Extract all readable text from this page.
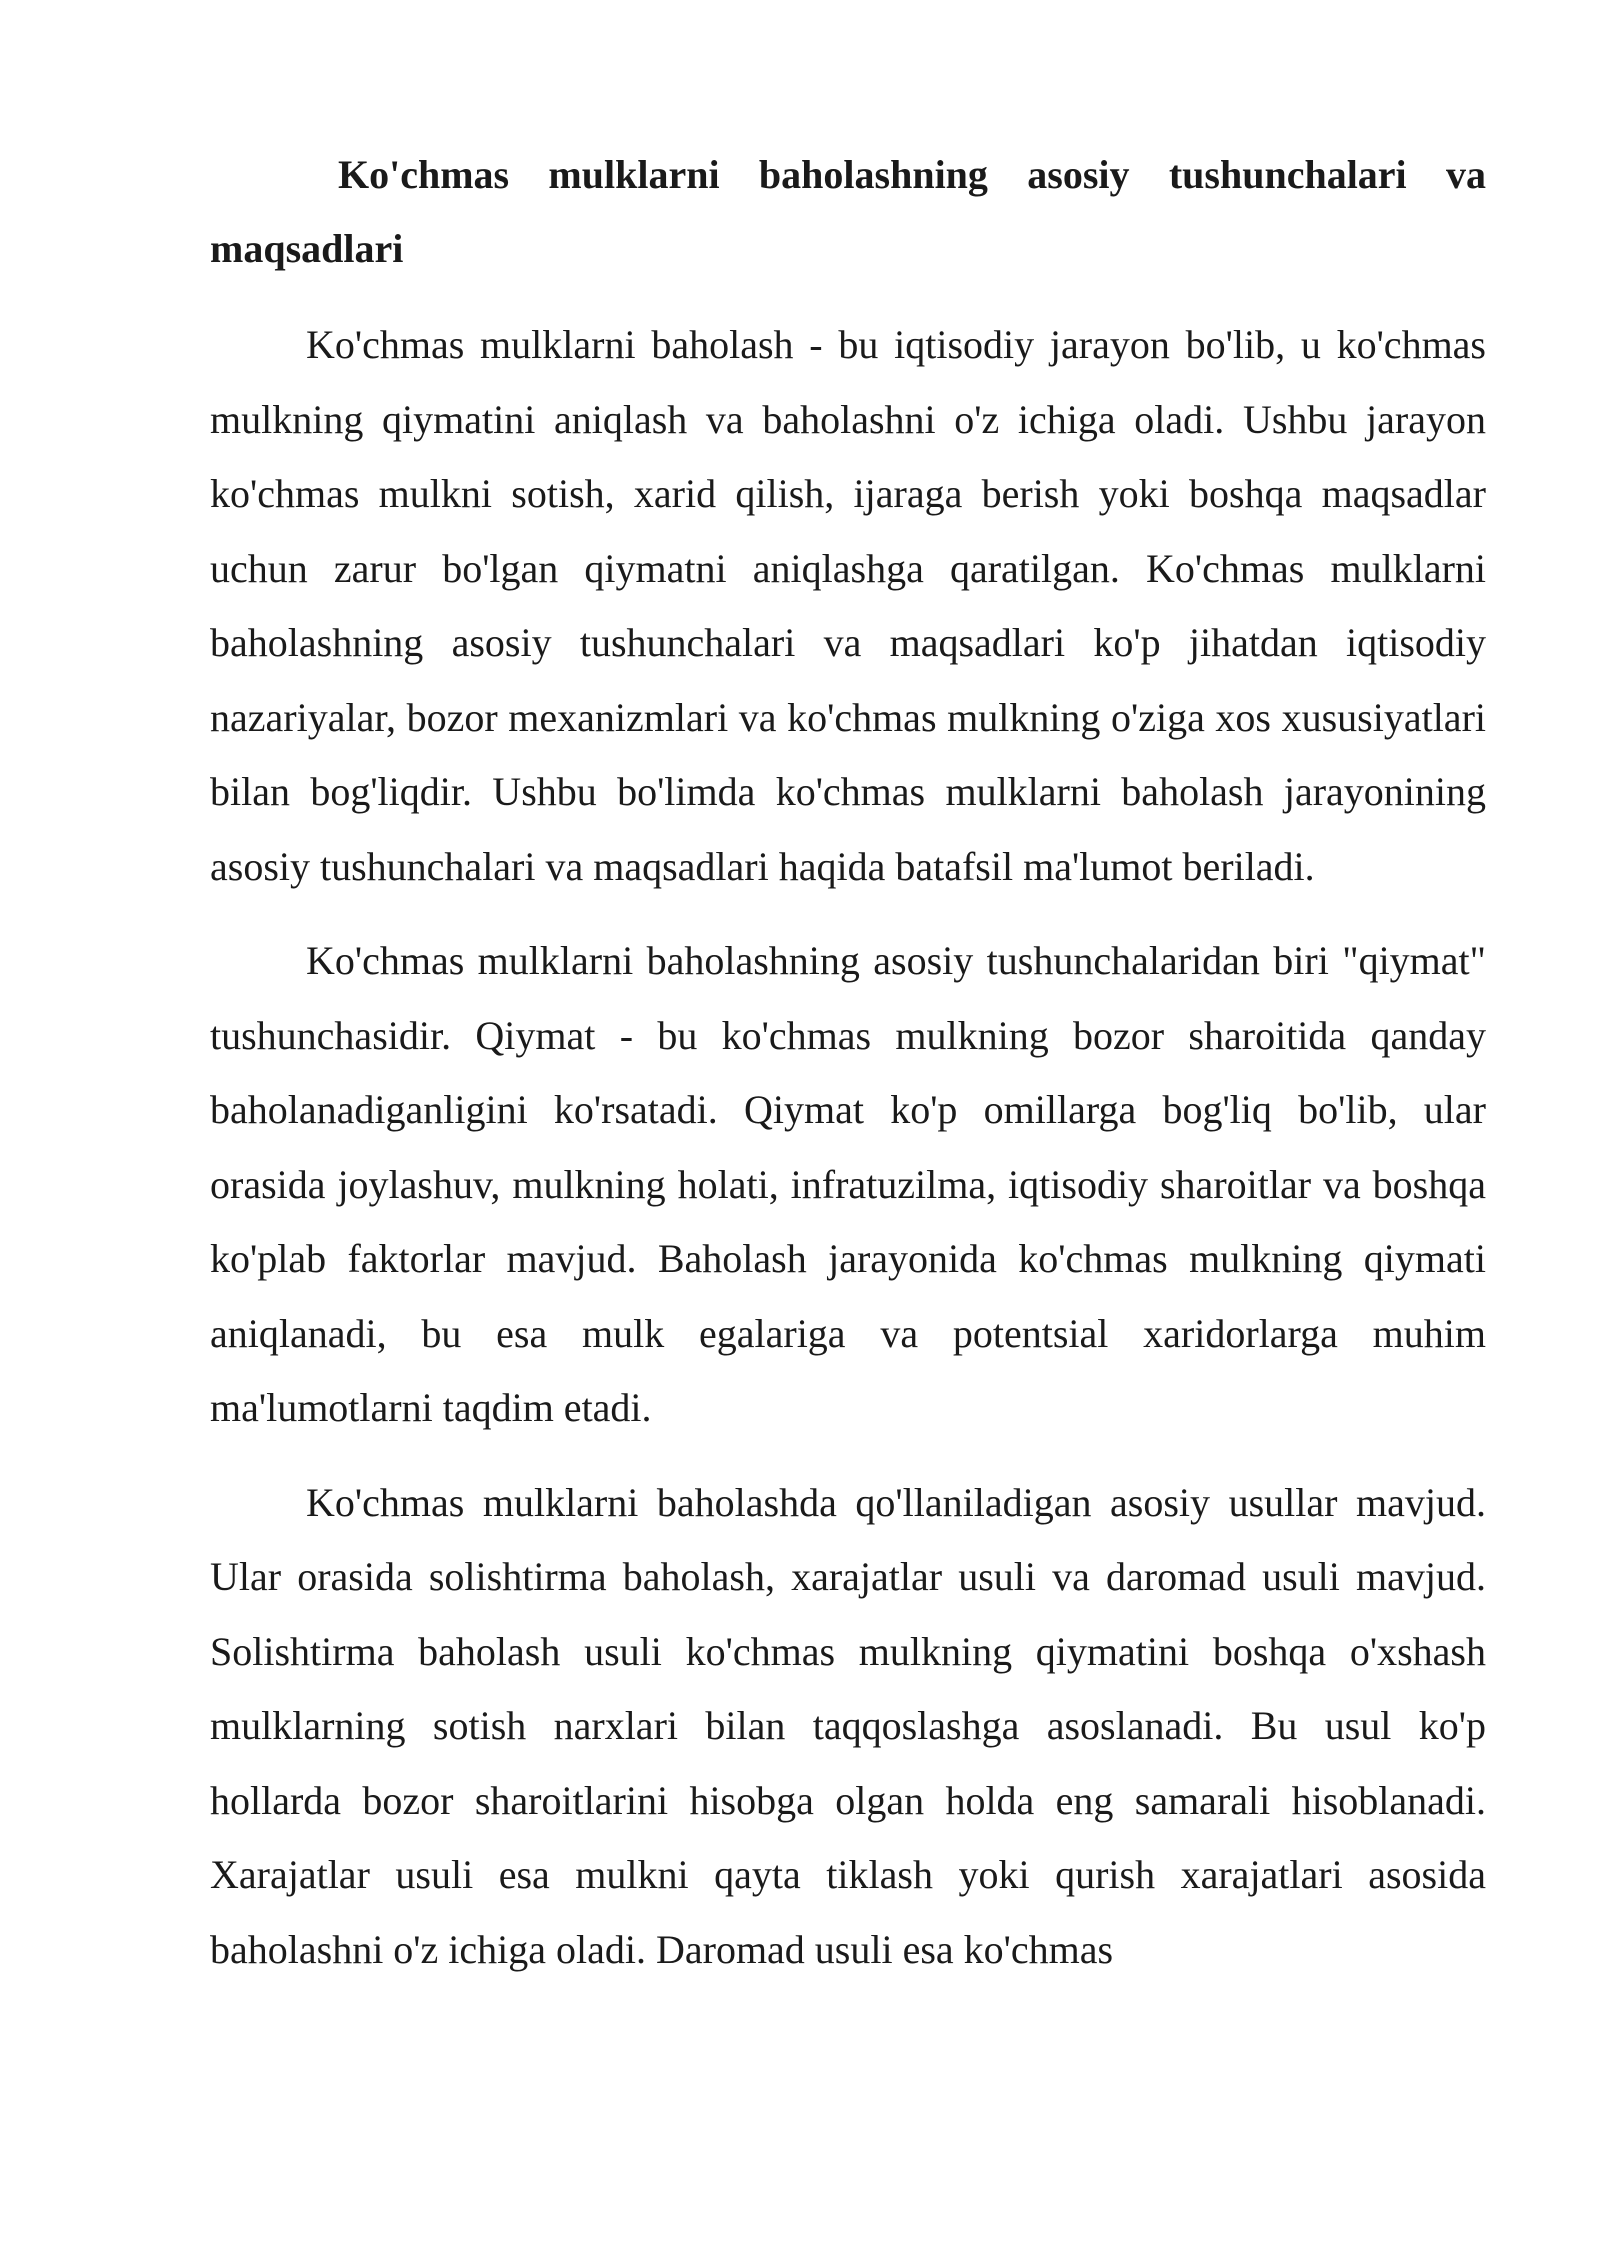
Ko'chmas mulklarni baholashning asosiy tushunchalari va maqsadlari

Ko'chmas mulklarni baholash - bu iqtisodiy jarayon bo'lib, u ko'chmas mulkning qiymatini aniqlash va baholashni o'z ichiga oladi. Ushbu jarayon ko'chmas mulkni sotish, xarid qilish, ijaraga berish yoki boshqa maqsadlar uchun zarur bo'lgan qiymatni aniqlashga qaratilgan. Ko'chmas mulklarni baholashning asosiy tushunchalari va maqsadlari ko'p jihatdan iqtisodiy nazariyalar, bozor mexanizmlari va ko'chmas mulkning o'ziga xos xususiyatlari bilan bog'liqdir. Ushbu bo'limda ko'chmas mulklarni baholash jarayonining asosiy tushunchalari va maqsadlari haqida batafsil ma'lumot beriladi.

Ko'chmas mulklarni baholashning asosiy tushunchalaridan biri "qiymat" tushunchasidir. Qiymat - bu ko'chmas mulkning bozor sharoitida qanday baholanadiganligini ko'rsatadi. Qiymat ko'p omillarga bog'liq bo'lib, ular orasida joylashuv, mulkning holati, infratuzilma, iqtisodiy sharoitlar va boshqa ko'plab faktorlar mavjud. Baholash jarayonida ko'chmas mulkning qiymati aniqlanadi, bu esa mulk egalariga va potentsial xaridorlarga muhim ma'lumotlarni taqdim etadi.

Ko'chmas mulklarni baholashda qo'llaniladigan asosiy usullar mavjud. Ular orasida solishtirma baholash, xarajatlar usuli va daromad usuli mavjud. Solishtirma baholash usuli ko'chmas mulkning qiymatini boshqa o'xshash mulklarning sotish narxlari bilan taqqoslashga asoslanadi. Bu usul ko'p hollarda bozor sharoitlarini hisobga olgan holda eng samarali hisoblanadi. Xarajatlar usuli esa mulkni qayta tiklash yoki qurish xarajatlari asosida baholashni o'z ichiga oladi. Daromad usuli esa ko'chmas
